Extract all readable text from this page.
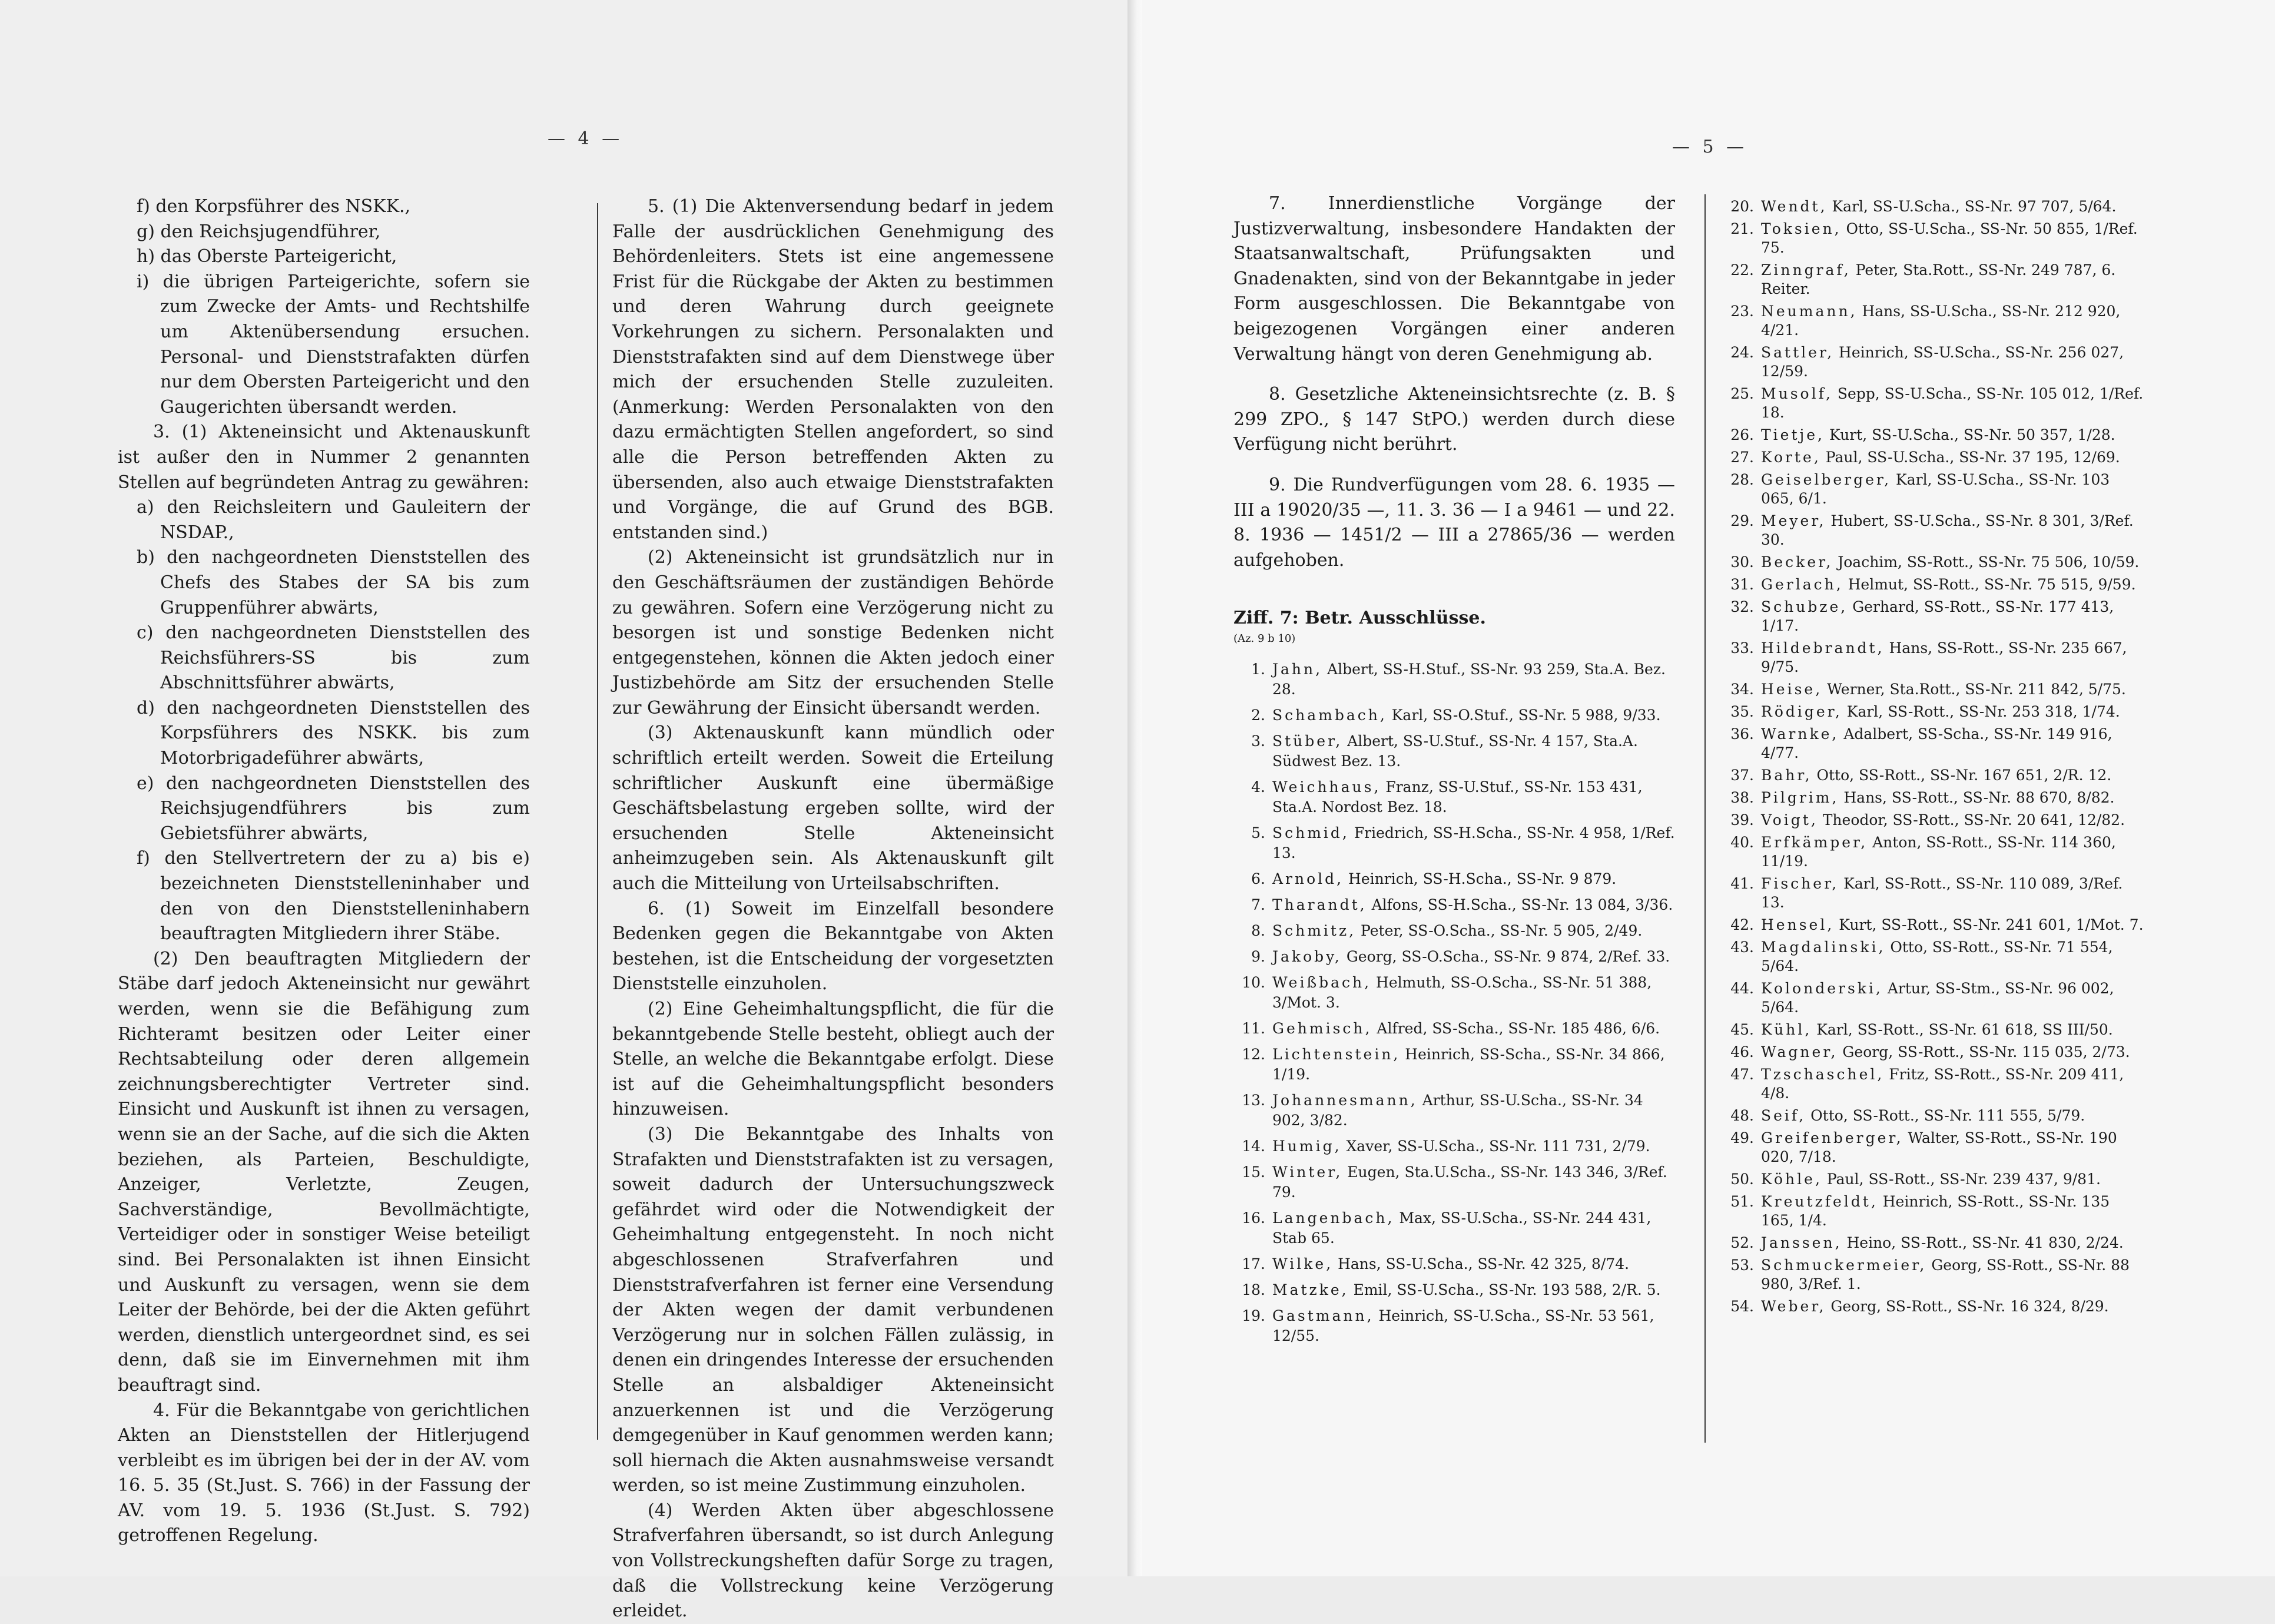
— 4 —

f) den Korpsführer des NSKK.,

g) den Reichsjugendführer,

h) das Oberste Parteigericht,

i) die übrigen Parteigerichte, sofern sie zum Zwecke der Amts- und Rechtshilfe um Aktenübersendung ersuchen. Personal- und Dienststrafakten dürfen nur dem Obersten Parteigericht und den Gaugerichten übersandt werden.

3. (1) Akteneinsicht und Aktenauskunft ist außer den in Nummer 2 genannten Stellen auf begründeten Antrag zu gewähren:

a) den Reichsleitern und Gauleitern der NSDAP.,

b) den nachgeordneten Dienststellen des Chefs des Stabes der SA bis zum Gruppenführer abwärts,

c) den nachgeordneten Dienststellen des Reichsführers-SS bis zum Abschnittsführer abwärts,

d) den nachgeordneten Dienststellen des Korpsführers des NSKK. bis zum Motorbrigadeführer abwärts,

e) den nachgeordneten Dienststellen des Reichsjugendführers bis zum Gebietsführer abwärts,

f) den Stellvertretern der zu a) bis e) bezeichneten Dienststelleninhaber und den von den Dienststelleninhabern beauftragten Mitgliedern ihrer Stäbe.

(2) Den beauftragten Mitgliedern der Stäbe darf jedoch Akteneinsicht nur gewährt werden, wenn sie die Befähigung zum Richteramt besitzen oder Leiter einer Rechtsabteilung oder deren allgemein zeichnungsberechtigter Vertreter sind. Einsicht und Auskunft ist ihnen zu versagen, wenn sie an der Sache, auf die sich die Akten beziehen, als Parteien, Beschuldigte, Anzeiger, Verletzte, Zeugen, Sachverständige, Bevollmächtigte, Verteidiger oder in sonstiger Weise beteiligt sind. Bei Personalakten ist ihnen Einsicht und Auskunft zu versagen, wenn sie dem Leiter der Behörde, bei der die Akten geführt werden, dienstlich untergeordnet sind, es sei denn, daß sie im Einvernehmen mit ihm beauftragt sind.

4. Für die Bekanntgabe von gerichtlichen Akten an Dienststellen der Hitlerjugend verbleibt es im übrigen bei der in der AV. vom 16. 5. 35 (St.Just. S. 766) in der Fassung der AV. vom 19. 5. 1936 (St.Just. S. 792) getroffenen Regelung.

5. (1) Die Aktenversendung bedarf in jedem Falle der ausdrücklichen Genehmigung des Behördenleiters. Stets ist eine angemessene Frist für die Rückgabe der Akten zu bestimmen und deren Wahrung durch geeignete Vorkehrungen zu sichern. Personalakten und Dienststrafakten sind auf dem Dienstwege über mich der ersuchenden Stelle zuzuleiten. (Anmerkung: Werden Personalakten von den dazu ermächtigten Stellen angefordert, so sind alle die Person betreffenden Akten zu übersenden, also auch etwaige Dienststrafakten und Vorgänge, die auf Grund des BGB. entstanden sind.)

(2) Akteneinsicht ist grundsätzlich nur in den Geschäftsräumen der zuständigen Behörde zu gewähren. Sofern eine Verzögerung nicht zu besorgen ist und sonstige Bedenken nicht entgegenstehen, können die Akten jedoch einer Justizbehörde am Sitz der ersuchenden Stelle zur Gewährung der Einsicht übersandt werden.

(3) Aktenauskunft kann mündlich oder schriftlich erteilt werden. Soweit die Erteilung schriftlicher Auskunft eine übermäßige Geschäftsbelastung ergeben sollte, wird der ersuchenden Stelle Akteneinsicht anheimzugeben sein. Als Aktenauskunft gilt auch die Mitteilung von Urteilsabschriften.

6. (1) Soweit im Einzelfall besondere Bedenken gegen die Bekanntgabe von Akten bestehen, ist die Entscheidung der vorgesetzten Dienststelle einzuholen.

(2) Eine Geheimhaltungspflicht, die für die bekanntgebende Stelle besteht, obliegt auch der Stelle, an welche die Bekanntgabe erfolgt. Diese ist auf die Geheimhaltungspflicht besonders hinzuweisen.

(3) Die Bekanntgabe des Inhalts von Strafakten und Dienststrafakten ist zu versagen, soweit dadurch der Untersuchungszweck gefährdet wird oder die Notwendigkeit der Geheimhaltung entgegensteht. In noch nicht abgeschlossenen Strafverfahren und Dienststrafverfahren ist ferner eine Versendung der Akten wegen der damit verbundenen Verzögerung nur in solchen Fällen zulässig, in denen ein dringendes Interesse der ersuchenden Stelle an alsbaldiger Akteneinsicht anzuerkennen ist und die Verzögerung demgegenüber in Kauf genommen werden kann; soll hiernach die Akten ausnahmsweise versandt werden, so ist meine Zustimmung einzuholen.

(4) Werden Akten über abgeschlossene Strafverfahren übersandt, so ist durch Anlegung von Vollstreckungsheften dafür Sorge zu tragen, daß die Vollstreckung keine Verzögerung erleidet.

— 5 —

7. Innerdienstliche Vorgänge der Justizverwaltung, insbesondere Handakten der Staatsanwaltschaft, Prüfungsakten und Gnadenakten, sind von der Bekanntgabe in jeder Form ausgeschlossen. Die Bekanntgabe von beigezogenen Vorgängen einer anderen Verwaltung hängt von deren Genehmigung ab.

8. Gesetzliche Akteneinsichtsrechte (z. B. § 299 ZPO., § 147 StPO.) werden durch diese Verfügung nicht berührt.

9. Die Rundverfügungen vom 28. 6. 1935 — III a 19020/35 —, 11. 3. 36 — I a 9461 — und 22. 8. 1936 — 1451/2 — III a 27865/36 — werden aufgehoben.

Ziff. 7: Betr. Ausschlüsse.

(Az. 9 b 10)

1. Jahn, Albert, SS-H.Stuf., SS-Nr. 93 259, Sta.A. Bez. 28.
2. Schambach, Karl, SS-O.Stuf., SS-Nr. 5 988, 9/33.
3. Stüber, Albert, SS-U.Stuf., SS-Nr. 4 157, Sta.A. Südwest Bez. 13.
4. Weichhaus, Franz, SS-U.Stuf., SS-Nr. 153 431, Sta.A. Nordost Bez. 18.
5. Schmid, Friedrich, SS-H.Scha., SS-Nr. 4 958, 1/Ref. 13.
6. Arnold, Heinrich, SS-H.Scha., SS-Nr. 9 879.
7. Tharandt, Alfons, SS-H.Scha., SS-Nr. 13 084, 3/36.
8. Schmitz, Peter, SS-O.Scha., SS-Nr. 5 905, 2/49.
9. Jakoby, Georg, SS-O.Scha., SS-Nr. 9 874, 2/Ref. 33.
10. Weißbach, Helmuth, SS-O.Scha., SS-Nr. 51 388, 3/Mot. 3.
11. Gehmisch, Alfred, SS-Scha., SS-Nr. 185 486, 6/6.
12. Lichtenstein, Heinrich, SS-Scha., SS-Nr. 34 866, 1/19.
13. Johannesmann, Arthur, SS-U.Scha., SS-Nr. 34 902, 3/82.
14. Humig, Xaver, SS-U.Scha., SS-Nr. 111 731, 2/79.
15. Winter, Eugen, Sta.U.Scha., SS-Nr. 143 346, 3/Ref. 79.
16. Langenbach, Max, SS-U.Scha., SS-Nr. 244 431, Stab 65.
17. Wilke, Hans, SS-U.Scha., SS-Nr. 42 325, 8/74.
18. Matzke, Emil, SS-U.Scha., SS-Nr. 193 588, 2/R. 5.
19. Gastmann, Heinrich, SS-U.Scha., SS-Nr. 53 561, 12/55.
20. Wendt, Karl, SS-U.Scha., SS-Nr. 97 707, 5/64.
21. Toksien, Otto, SS-U.Scha., SS-Nr. 50 855, 1/Ref. 75.
22. Zinngraf, Peter, Sta.Rott., SS-Nr. 249 787, 6. Reiter.
23. Neumann, Hans, SS-U.Scha., SS-Nr. 212 920, 4/21.
24. Sattler, Heinrich, SS-U.Scha., SS-Nr. 256 027, 12/59.
25. Musolf, Sepp, SS-U.Scha., SS-Nr. 105 012, 1/Ref. 18.
26. Tietje, Kurt, SS-U.Scha., SS-Nr. 50 357, 1/28.
27. Korte, Paul, SS-U.Scha., SS-Nr. 37 195, 12/69.
28. Geiselberger, Karl, SS-U.Scha., SS-Nr. 103 065, 6/1.
29. Meyer, Hubert, SS-U.Scha., SS-Nr. 8 301, 3/Ref. 30.
30. Becker, Joachim, SS-Rott., SS-Nr. 75 506, 10/59.
31. Gerlach, Helmut, SS-Rott., SS-Nr. 75 515, 9/59.
32. Schubze, Gerhard, SS-Rott., SS-Nr. 177 413, 1/17.
33. Hildebrandt, Hans, SS-Rott., SS-Nr. 235 667, 9/75.
34. Heise, Werner, Sta.Rott., SS-Nr. 211 842, 5/75.
35. Rödiger, Karl, SS-Rott., SS-Nr. 253 318, 1/74.
36. Warnke, Adalbert, SS-Scha., SS-Nr. 149 916, 4/77.
37. Bahr, Otto, SS-Rott., SS-Nr. 167 651, 2/R. 12.
38. Pilgrim, Hans, SS-Rott., SS-Nr. 88 670, 8/82.
39. Voigt, Theodor, SS-Rott., SS-Nr. 20 641, 12/82.
40. Erfkämper, Anton, SS-Rott., SS-Nr. 114 360, 11/19.
41. Fischer, Karl, SS-Rott., SS-Nr. 110 089, 3/Ref. 13.
42. Hensel, Kurt, SS-Rott., SS-Nr. 241 601, 1/Mot. 7.
43. Magdalinski, Otto, SS-Rott., SS-Nr. 71 554, 5/64.
44. Kolonderski, Artur, SS-Stm., SS-Nr. 96 002, 5/64.
45. Kühl, Karl, SS-Rott., SS-Nr. 61 618, SS III/50.
46. Wagner, Georg, SS-Rott., SS-Nr. 115 035, 2/73.
47. Tzschaschel, Fritz, SS-Rott., SS-Nr. 209 411, 4/8.
48. Seif, Otto, SS-Rott., SS-Nr. 111 555, 5/79.
49. Greifenberger, Walter, SS-Rott., SS-Nr. 190 020, 7/18.
50. Köhle, Paul, SS-Rott., SS-Nr. 239 437, 9/81.
51. Kreutzfeldt, Heinrich, SS-Rott., SS-Nr. 135 165, 1/4.
52. Janssen, Heino, SS-Rott., SS-Nr. 41 830, 2/24.
53. Schmuckermeier, Georg, SS-Rott., SS-Nr. 88 980, 3/Ref. 1.
54. Weber, Georg, SS-Rott., SS-Nr. 16 324, 8/29.
